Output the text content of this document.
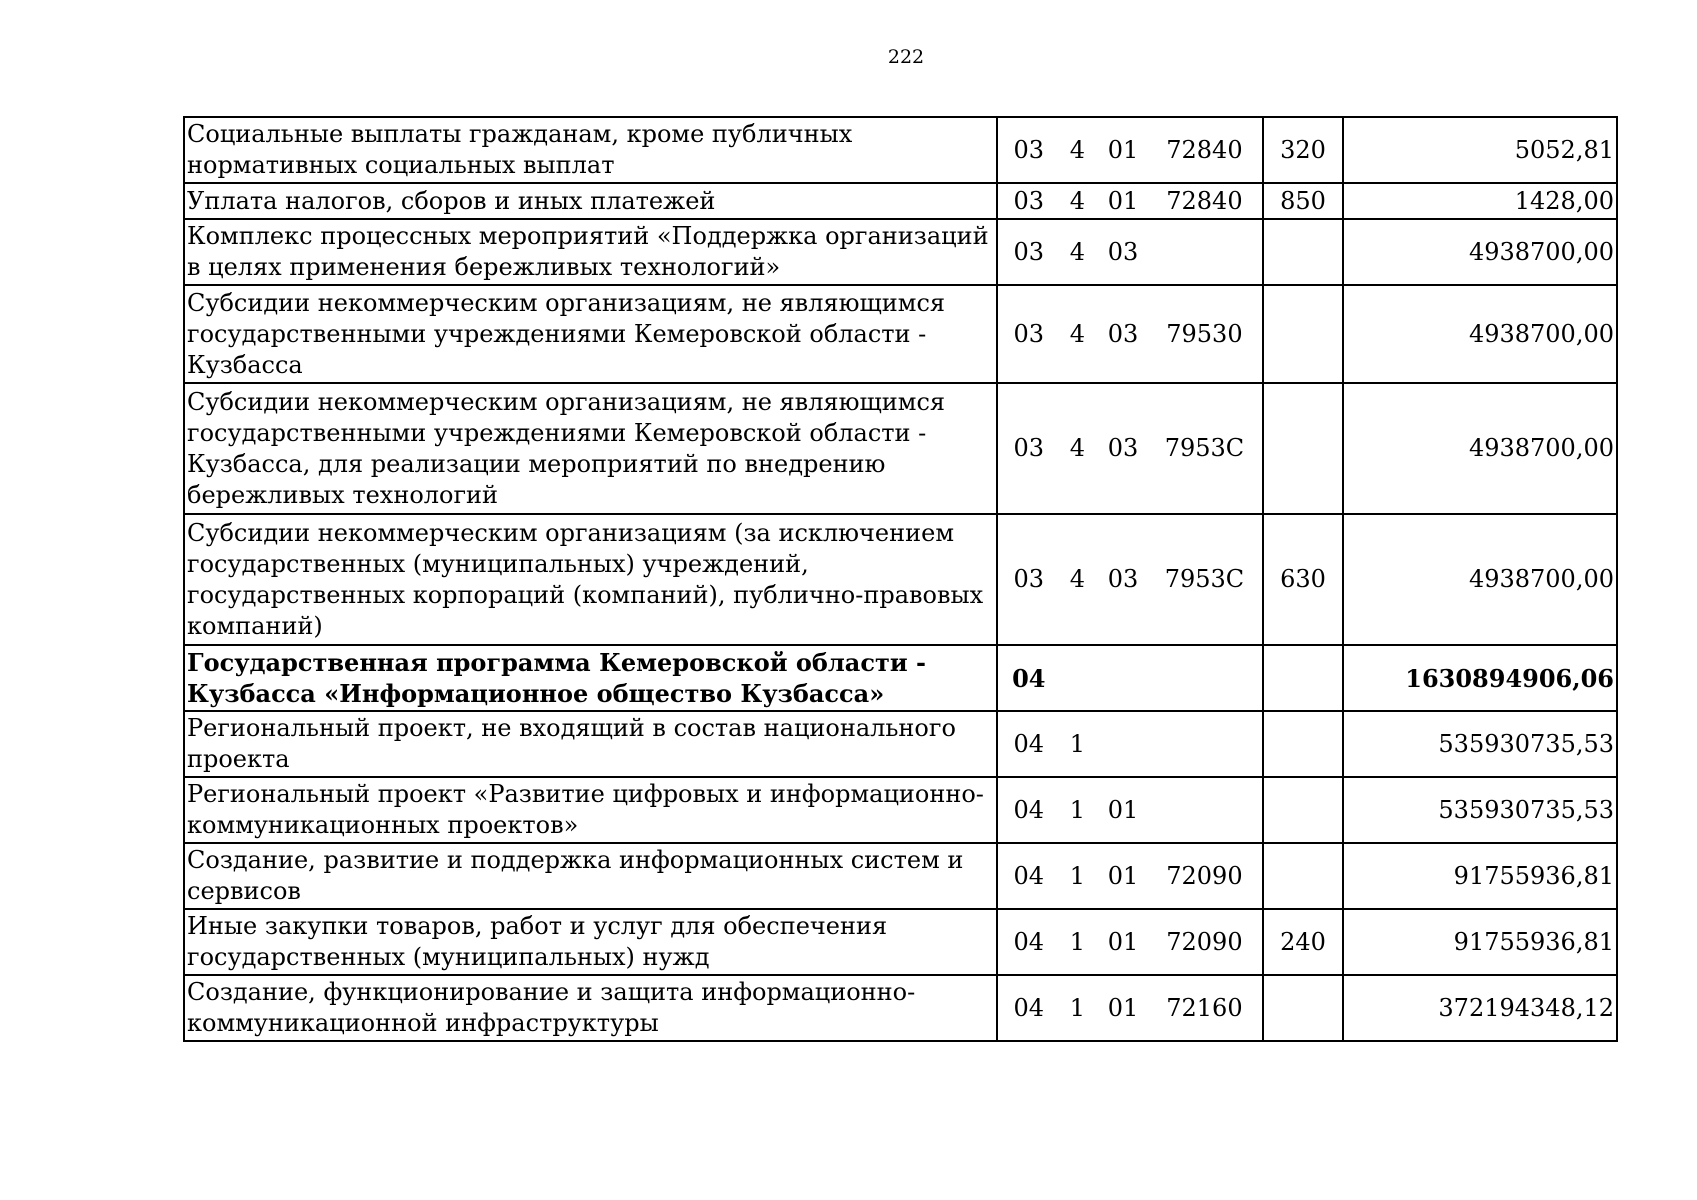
222
Социальные выплаты гражданам, кроме публичных нормативных социальных выплат	03 4 01 72840	320	5052,81
Уплата налогов, сборов и иных платежей	03 4 01 72840	850	1428,00
Комплекс процессных мероприятий «Поддержка организаций в целях применения бережливых технологий»	03 4 03		4938700,00
Субсидии некоммерческим организациям, не являющимся государственными учреждениями Кемеровской области - Кузбасса	03 4 03 79530		4938700,00
Субсидии некоммерческим организациям, не являющимся государственными учреждениями Кемеровской области - Кузбасса, для реализации мероприятий по внедрению бережливых технологий	03 4 03 7953С		4938700,00
Субсидии некоммерческим организациям (за исключением государственных (муниципальных) учреждений, государственных корпораций (компаний), публично-правовых компаний)	03 4 03 7953С	630	4938700,00
Государственная программа Кемеровской области - Кузбасса «Информационное общество Кузбасса»	04		1630894906,06
Региональный проект, не входящий в состав национального проекта	04 1		535930735,53
Региональный проект «Развитие цифровых и информационно-коммуникационных проектов»	04 1 01		535930735,53
Создание, развитие и поддержка информационных систем и сервисов	04 1 01 72090		91755936,81
Иные закупки товаров, работ и услуг для обеспечения государственных (муниципальных) нужд	04 1 01 72090	240	91755936,81
Создание, функционирование и защита информационно-коммуникационной инфраструктуры	04 1 01 72160		372194348,12
